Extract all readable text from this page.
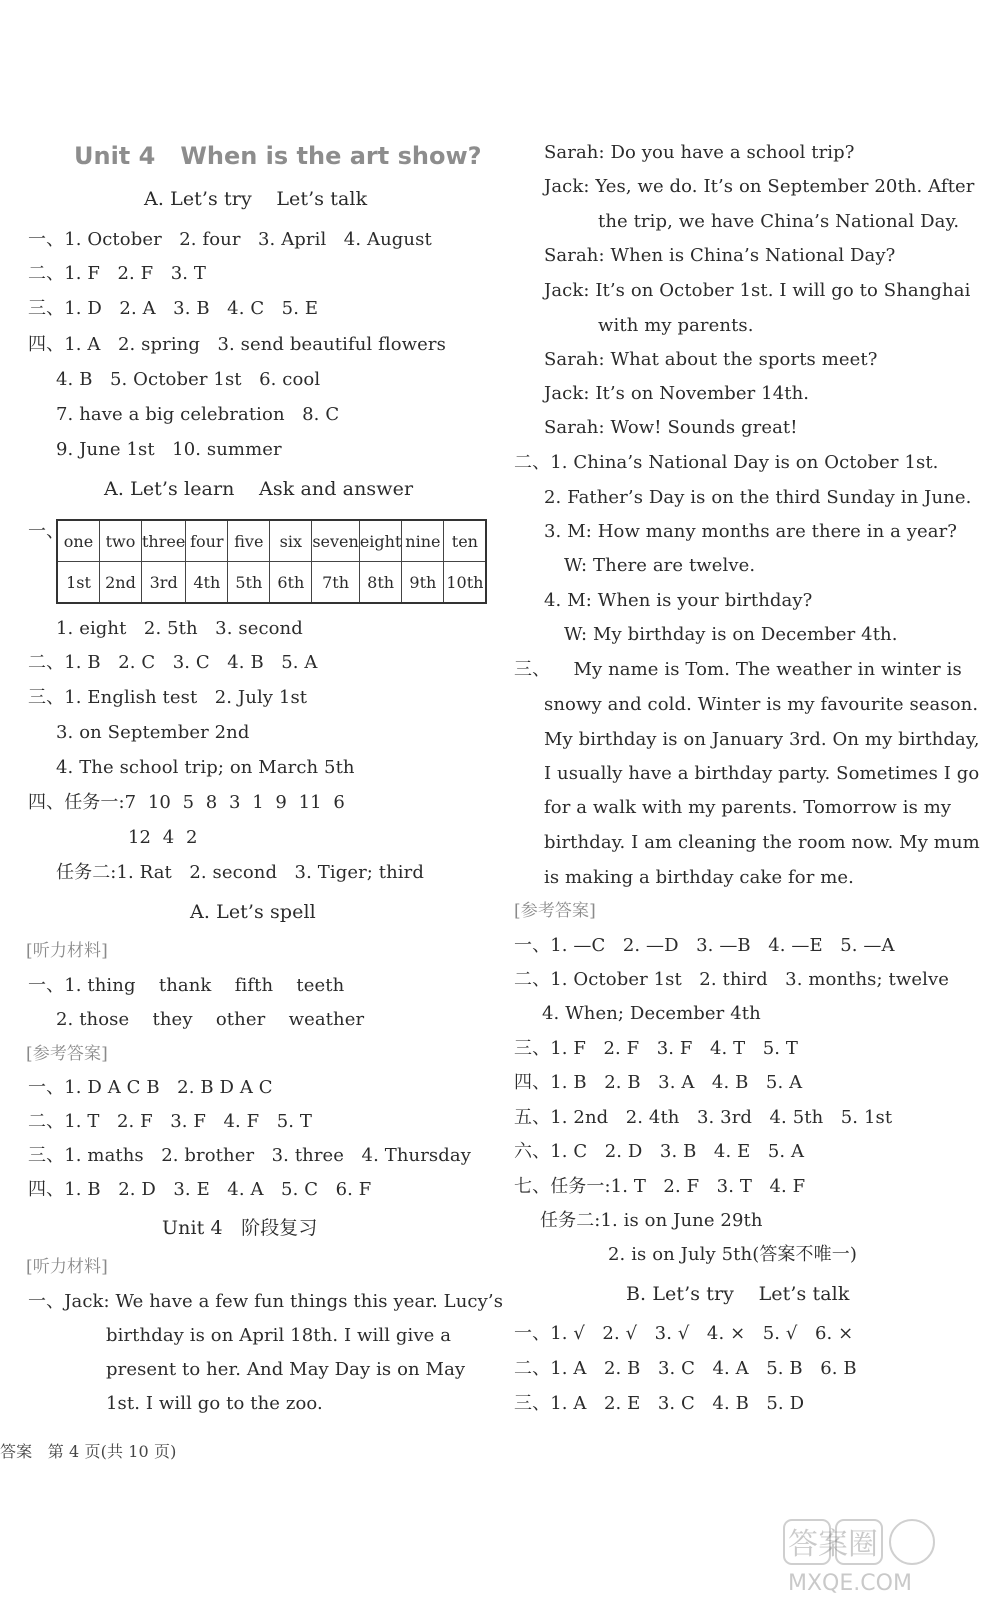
Unit 4   When is the art show?
A. Let’s try    Let’s talk
一、1. October   2. four   3. April   4. August
二、1. F   2. F   3. T
三、1. D   2. A   3. B   4. C   5. E
四、1. A   2. spring   3. send beautiful flowers
4. B   5. October 1st   6. cool
7. have a big celebration   8. C
9. June 1st   10. summer
A. Let’s learn    Ask and answer
一、 one	two	three	four	five	six	seven	eight	nine	ten
1st	2nd	3rd	4th	5th	6th	7th	8th	9th	10th
1. eight   2. 5th   3. second
二、1. B   2. C   3. C   4. B   5. A
三、1. English test   2. July 1st
3. on September 2nd
4. The school trip; on March 5th
四、任务一:7  10  5  8  3  1  9  11  6
12  4  2
任务二:1. Rat   2. second   3. Tiger; third
A. Let’s spell
[听力材料]
一、1. thing    thank    fifth    teeth
2. those    they    other    weather
[参考答案]
一、1. D A C B   2. B D A C
二、1. T   2. F   3. F   4. F   5. T
三、1. maths   2. brother   3. three   4. Thursday
四、1. B   2. D   3. E   4. A   5. C   6. F
Unit 4   阶段复习
[听力材料]
一、Jack: We have a few fun things this year. Lucy’s
birthday is on April 18th. I will give a
present to her. And May Day is on May
1st. I will go to the zoo.
Sarah: Do you have a school trip?
Jack: Yes, we do. It’s on September 20th. After
the trip, we have China’s National Day.
Sarah: When is China’s National Day?
Jack: It’s on October 1st. I will go to Shanghai
with my parents.
Sarah: What about the sports meet?
Jack: It’s on November 14th.
Sarah: Wow! Sounds great!
二、1. China’s National Day is on October 1st.
2. Father’s Day is on the third Sunday in June.
3. M: How many months are there in a year?
W: There are twelve.
4. M: When is your birthday?
W: My birthday is on December 4th.
三、    My name is Tom. The weather in winter is
snowy and cold. Winter is my favourite season.
My birthday is on January 3rd. On my birthday,
I usually have a birthday party. Sometimes I go
for a walk with my parents. Tomorrow is my
birthday. I am cleaning the room now. My mum
is making a birthday cake for me.
[参考答案]
一、1. —C   2. —D   3. —B   4. —E   5. —A
二、1. October 1st   2. third   3. months; twelve
4. When; December 4th
三、1. F   2. F   3. F   4. T   5. T
四、1. B   2. B   3. A   4. B   5. A
五、1. 2nd   2. 4th   3. 3rd   4. 5th   5. 1st
六、1. C   2. D   3. B   4. E   5. A
七、任务一:1. T   2. F   3. T   4. F
任务二:1. is on June 29th
2. is on July 5th(答案不唯一)
B. Let’s try    Let’s talk
一、1. √   2. √   3. √   4. ×   5. √   6. ×
二、1. A   2. B   3. C   4. A   5. B   6. B
三、1. A   2. E   3. C   4. B   5. D
答案   第 4 页(共 10 页)
答案圈
MXQE.COM
